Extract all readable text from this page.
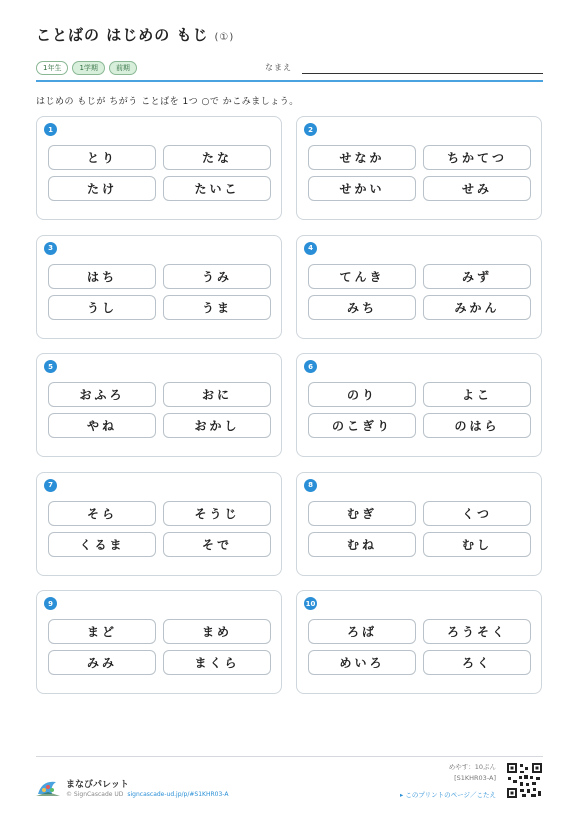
ことばの はじめの もじ (①)
1年生	1学期	前期	なまえ
はじめの もじが ちがう ことばを 1つ ○で かこみましょう。
1
とり	たな
たけ	たいこ
2
せなか	ちかてつ
せかい	せみ
3
はち	うみ
うし	うま
4
てんき	みず
みち	みかん
5
おふろ	おに
やね	おかし
6
のり	よこ
のこぎり	のはら
7
そら	そうじ
くるま	そで
8
むぎ	くつ
むね	むし
9
まど	まめ
みみ	まくら
10
ろば	ろうそく
めいろ	ろく
まなびパレット
© SignCascade UD signcascade-ud.jp/p/#S1KHR03-A
めやす：10ぷん
[S1KHR03-A]
▸ このプリントのページ／こたえ
